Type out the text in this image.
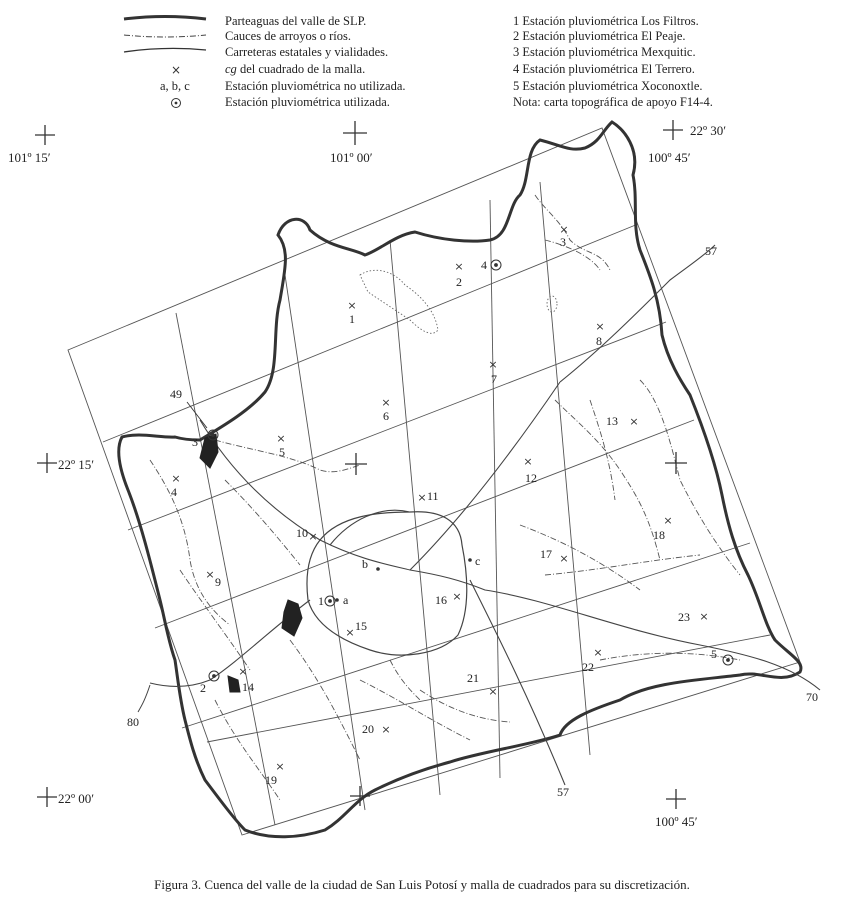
×
Parteaguas del valle de SLP.
Cauces de arroyos o ríos.
Carreteras estatales y vialidades.
cg del cuadrado de la malla.
a, b, c	Estación pluviométrica no utilizada.
Estación pluviométrica utilizada.
1 Estación pluviométrica Los Filtros.
2 Estación pluviométrica El Peaje.
3 Estación pluviométrica Mexquitic.
4 Estación pluviométrica El Terrero.
5 Estación pluviométrica Xoconoxtle.
Nota: carta topográfica de apoyo F14-4.
×
×
×
×
×
×
×
×
×
×
×
×
×
×
×
×
×
×
×
×
×
×
×
101º 15′	101º 00′
22º 30′
100º 45′
22º 15′
22º 00′
100º 45′
1
2
3
4
5
6
7
8
9
10
11
12
13
14
15
16
17
18
19
20
21
22
23
1
2
3
4
5
a
b	c
57
57
70
80
49
Figura 3. Cuenca del valle de la ciudad de San Luis Potosí y malla de cuadrados para su discretización.
